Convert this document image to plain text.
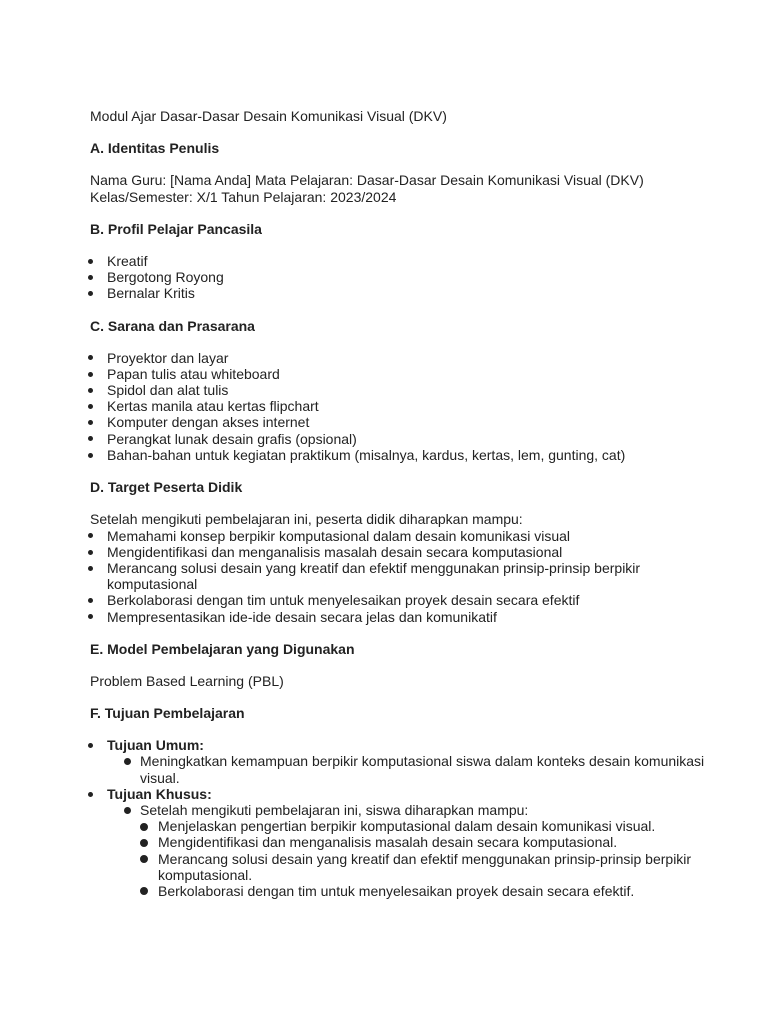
Modul Ajar Dasar-Dasar Desain Komunikasi Visual (DKV)

A. Identitas Penulis

Nama Guru: [Nama Anda] Mata Pelajaran: Dasar-Dasar Desain Komunikasi Visual (DKV) Kelas/Semester: X/1 Tahun Pelajaran: 2023/2024

B. Profil Pelajar Pancasila

Kreatif
Bergotong Royong
Bernalar Kritis

C. Sarana dan Prasarana

Proyektor dan layar
Papan tulis atau whiteboard
Spidol dan alat tulis
Kertas manila atau kertas flipchart
Komputer dengan akses internet
Perangkat lunak desain grafis (opsional)
Bahan-bahan untuk kegiatan praktikum (misalnya, kardus, kertas, lem, gunting, cat)

D. Target Peserta Didik

Setelah mengikuti pembelajaran ini, peserta didik diharapkan mampu:

Memahami konsep berpikir komputasional dalam desain komunikasi visual
Mengidentifikasi dan menganalisis masalah desain secara komputasional
Merancang solusi desain yang kreatif dan efektif menggunakan prinsip-prinsip berpikir komputasional
Berkolaborasi dengan tim untuk menyelesaikan proyek desain secara efektif
Mempresentasikan ide-ide desain secara jelas dan komunikatif

E. Model Pembelajaran yang Digunakan

Problem Based Learning (PBL)

F. Tujuan Pembelajaran

Tujuan Umum:
Meningkatkan kemampuan berpikir komputasional siswa dalam konteks desain komunikasi visual.
Tujuan Khusus:
Setelah mengikuti pembelajaran ini, siswa diharapkan mampu:
Menjelaskan pengertian berpikir komputasional dalam desain komunikasi visual.
Mengidentifikasi dan menganalisis masalah desain secara komputasional.
Merancang solusi desain yang kreatif dan efektif menggunakan prinsip-prinsip berpikir komputasional.
Berkolaborasi dengan tim untuk menyelesaikan proyek desain secara efektif.
